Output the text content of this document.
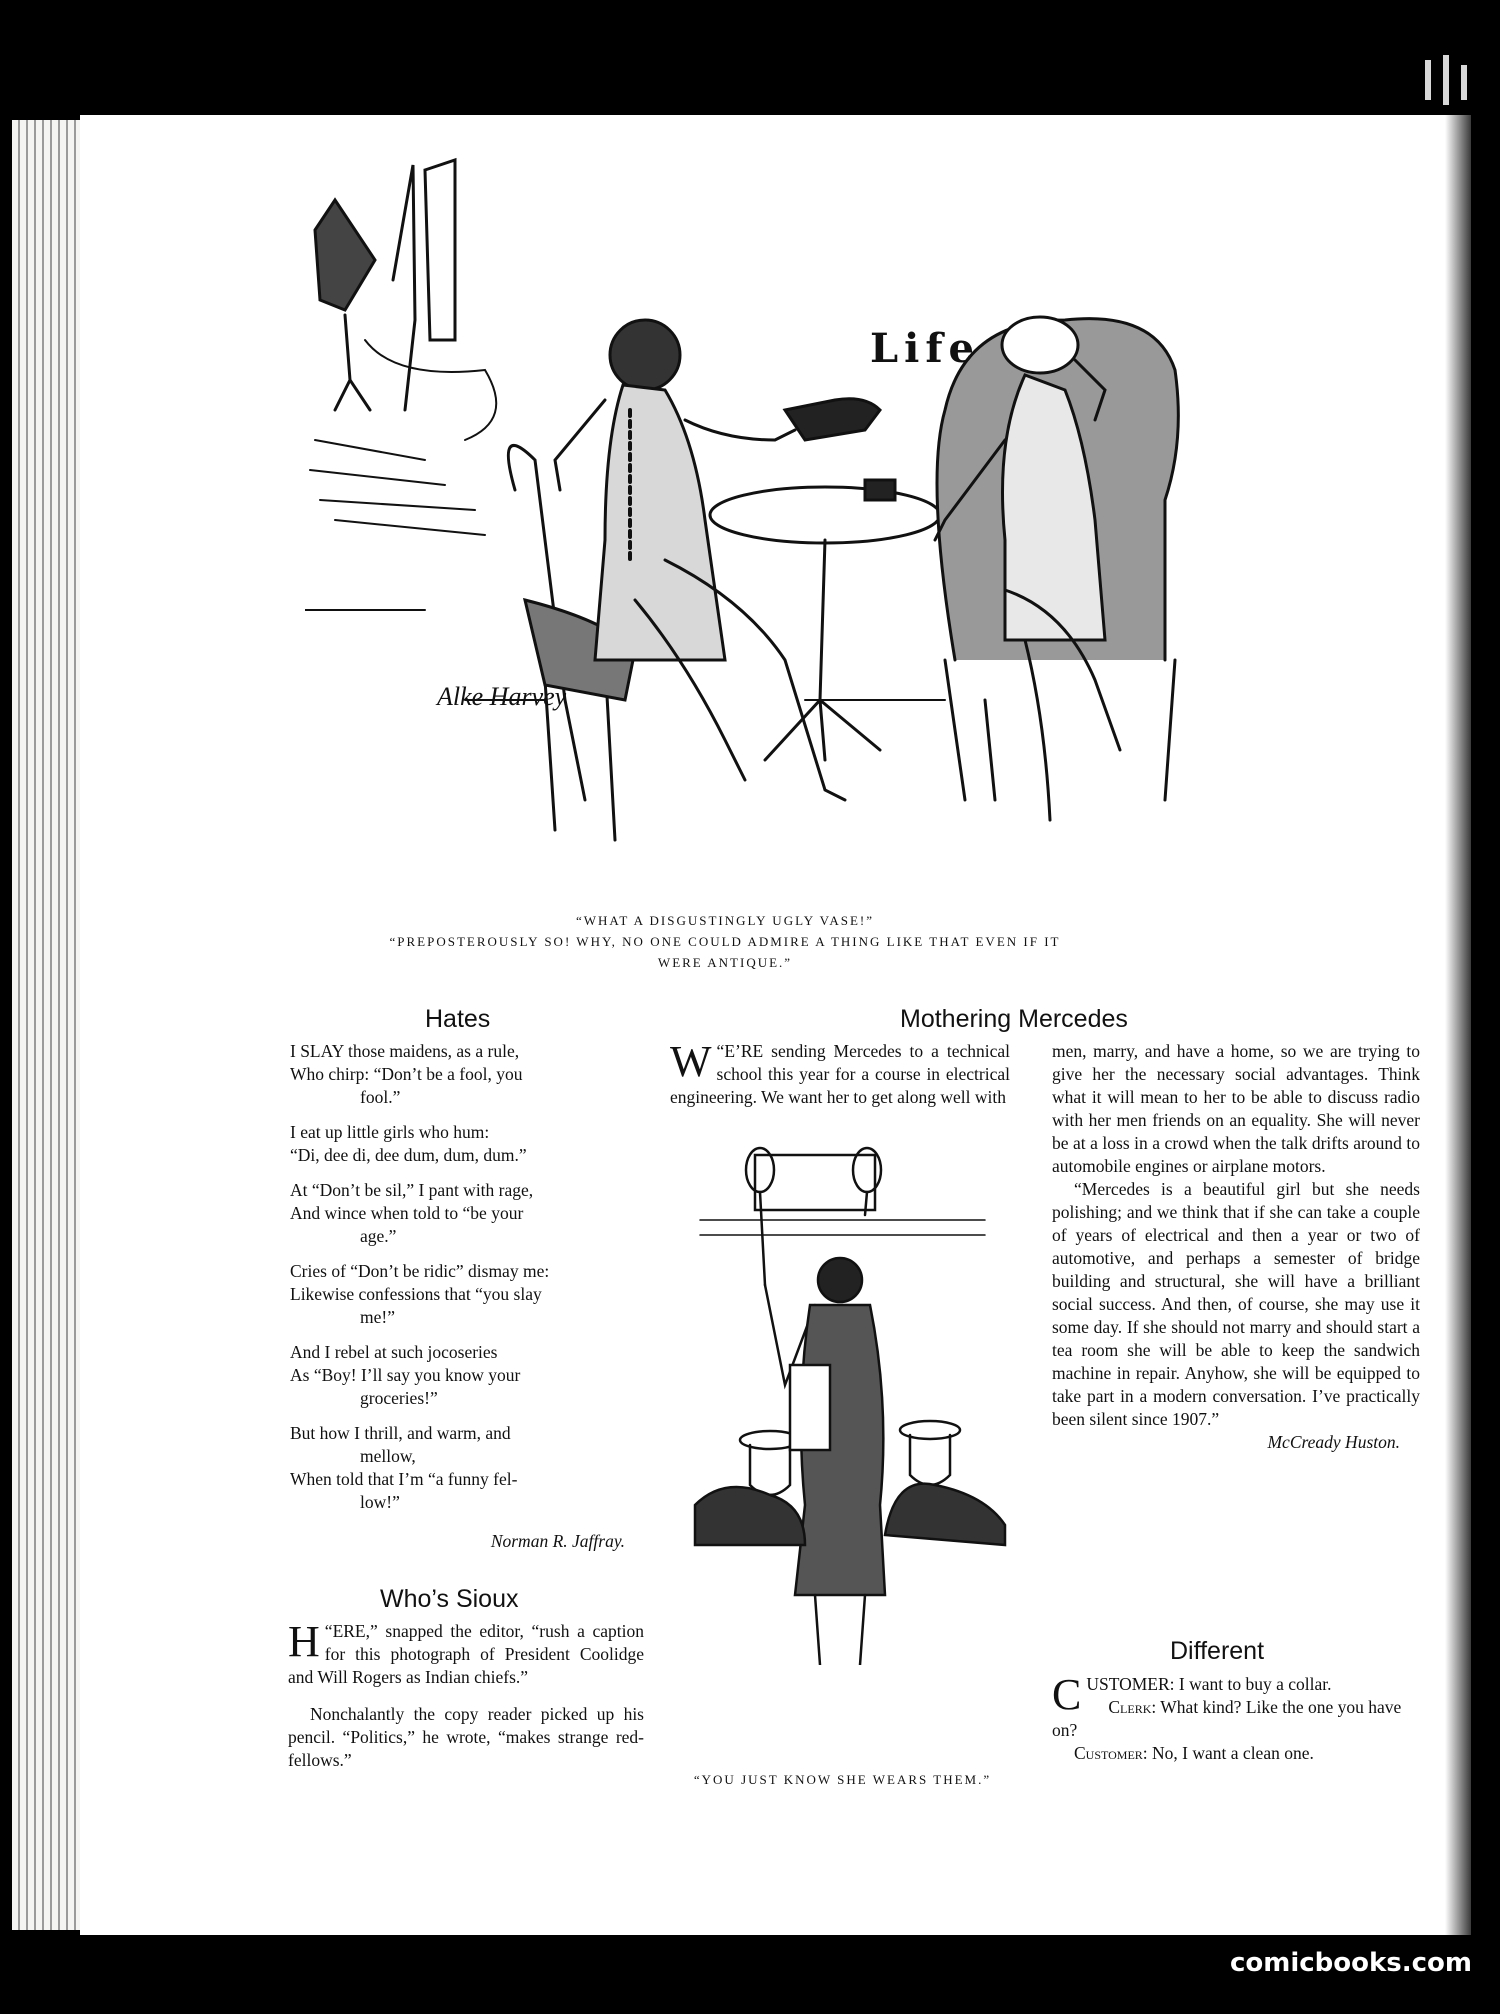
Alke Harvey
Life
“WHAT A DISGUSTINGLY UGLY VASE!”
“PREPOSTEROUSLY SO! WHY, NO ONE COULD ADMIRE A THING LIKE THAT EVEN IF IT
WERE ANTIQUE.”
Hates
I SLAY those maidens, as a rule,
Who chirp: “Don’t be a fool, you
fool.”
I eat up little girls who hum:
“Di, dee di, dee dum, dum, dum.”
At “Don’t be sil,” I pant with rage,
And wince when told to “be your
age.”
Cries of “Don’t be ridic” dismay me:
Likewise confessions that “you slay
me!”
And I rebel at such jocoseries
As “Boy! I’ll say you know your
groceries!”
But how I thrill, and warm, and
mellow,
When told that I’m “a funny fel-
low!”
Norman R. Jaffray.
Who’s Sioux

“
H ERE,” snapped the editor, “rush a caption for this photograph of President Coolidge and Will Rogers as Indian chiefs.”

Nonchalantly the copy reader picked up his pencil. “Politics,” he wrote, “makes strange red-fellows.”

Mothering Mercedes

“
W E’RE sending Mercedes to a technical school this year for a course in electrical engineering. We want her to get along well with

men, marry, and have a home, so we are trying to give her the necessary social advantages. Think what it will mean to her to be able to discuss radio with her men friends on an equality. She will never be at a loss in a crowd when the talk drifts around to automobile engines or airplane motors.

“Mercedes is a beautiful girl but she needs polishing; and we think that if she can take a couple of years of electrical and then a year or two of automotive, and perhaps a semester of bridge building and structural, she will have a brilliant social success. And then, of course, she may use it some day. If she should not marry and should start a tea room she will be able to keep the sandwich machine in repair. Anyhow, she will be equipped to take part in a modern conversation. I’ve practically been silent since 1907.”

McCready Huston.
“YOU JUST KNOW SHE WEARS THEM.”
Different

CUSTOMER: I want to buy a collar.

Clerk: What kind? Like the one you have on?

Customer: No, I want a clean one.

comicbooks.com
